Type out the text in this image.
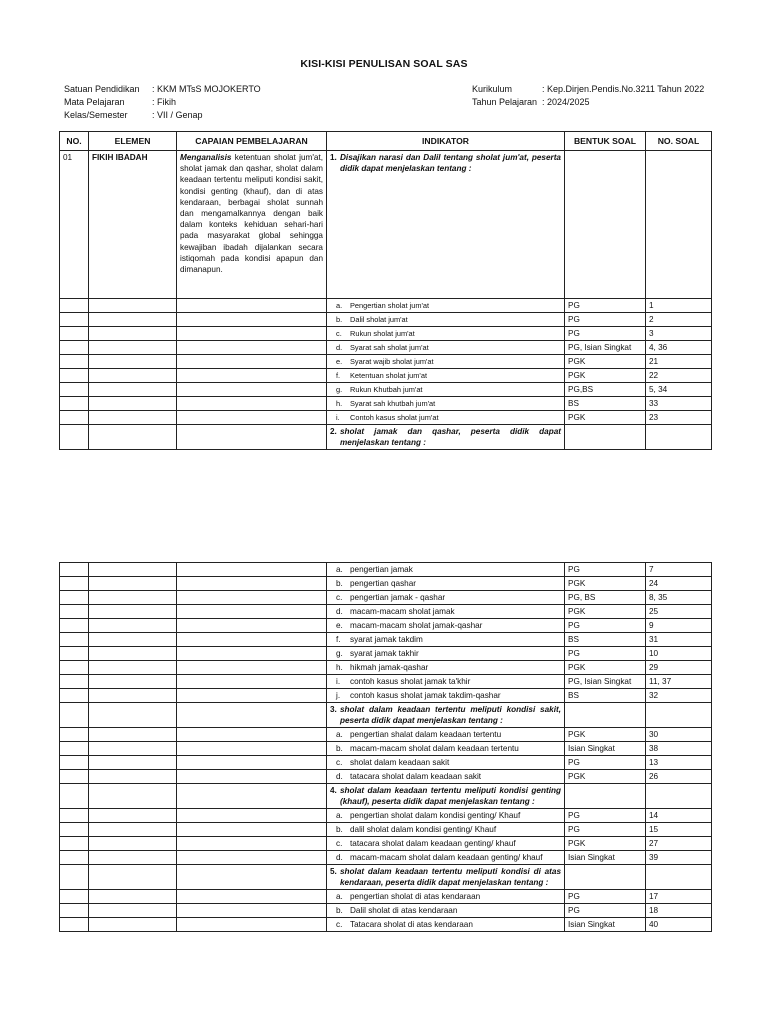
KISI-KISI PENULISAN SOAL SAS
Satuan Pendidikan	: KKM MTsS MOJOKERTO
Mata Pelajaran	: Fikih
Kelas/Semester	: VII / Genap
Kurikulum	: Kep.Dirjen.Pendis.No.3211 Tahun 2022
Tahun Pelajaran : 2024/2025
NO.	ELEMEN	CAPAIAN PEMBELAJARAN	INDIKATOR	BENTUK SOAL	NO. SOAL
01	FIKIH IBADAH	Menganalisis ketentuan sholat jum'at, sholat jamak dan qashar, sholat dalam keadaan tertentu meliputi kondisi sakit, kondisi genting (khauf), dan di atas kendaraan, berbagai sholat sunnah dan mengamalkannya dengan baik dalam konteks kehiduan sehari-hari pada masyarakat global sehingga kewajiban ibadah dijalankan secara istiqomah pada kondisi apapun dan dimanapun.	1. Disajikan narasi dan Dalil tentang sholat jum'at, peserta didik dapat menjelaskan tentang :		

			a. Pengertian sholat jum'at	PG	1

			b. Dalil sholat jum'at	PG	2

			c. Rukun sholat jum'at	PG	3

			d. Syarat sah sholat jum'at	PG, Isian Singkat	4, 36

			e. Syarat wajib sholat jum'at	PGK	21

			f. Ketentuan sholat jum'at	PGK	22

			g. Rukun Khutbah jum'at	PG,BS	5, 34

			h. Syarat sah khutbah jum'at	BS	33

			i. Contoh kasus sholat jum'at	PGK	23

			2. sholat jamak dan qashar, peserta didik dapat menjelaskan tentang :		

			a. pengertian jamak	PG	7

			b. pengertian qashar	PGK	24

			c. pengertian jamak - qashar	PG, BS	8, 35

			d. macam-macam sholat jamak	PGK	25

			e. macam-macam sholat jamak-qashar	PG	9

			f. syarat jamak takdim	BS	31

			g. syarat jamak takhir	PG	10

			h. hikmah jamak-qashar	PGK	29

			i. contoh kasus sholat jamak ta'khir	PG, Isian Singkat	11, 37

			j. contoh kasus sholat jamak takdim-qashar	BS	32

			3. sholat dalam keadaan tertentu meliputi kondisi sakit, peserta didik dapat menjelaskan tentang :		

			a. pengertian shalat dalam keadaan tertentu	PGK	30

			b. macam-macam sholat dalam keadaan tertentu	Isian Singkat	38

			c. sholat dalam keadaan sakit	PG	13

			d. tatacara sholat dalam keadaan sakit	PGK	26

			4. sholat dalam keadaan tertentu meliputi kondisi genting (khauf), peserta didik dapat menjelaskan tentang :		

			a. pengertian sholat dalam kondisi genting/ Khauf	PG	14

			b. dalil sholat dalam kondisi genting/ Khauf	PG	15

			c. tatacara sholat dalam keadaan genting/ khauf	PGK	27

			d. macam-macam sholat dalam keadaan genting/ khauf	Isian Singkat	39

			5. sholat dalam keadaan tertentu meliputi kondisi di atas kendaraan, peserta didik dapat menjelaskan tentang :		

			a. pengertian sholat di atas kendaraan	PG	17

			b. Dalil sholat di atas kendaraan	PG	18

			c. Tatacara sholat di atas kendaraan	Isian Singkat	40
